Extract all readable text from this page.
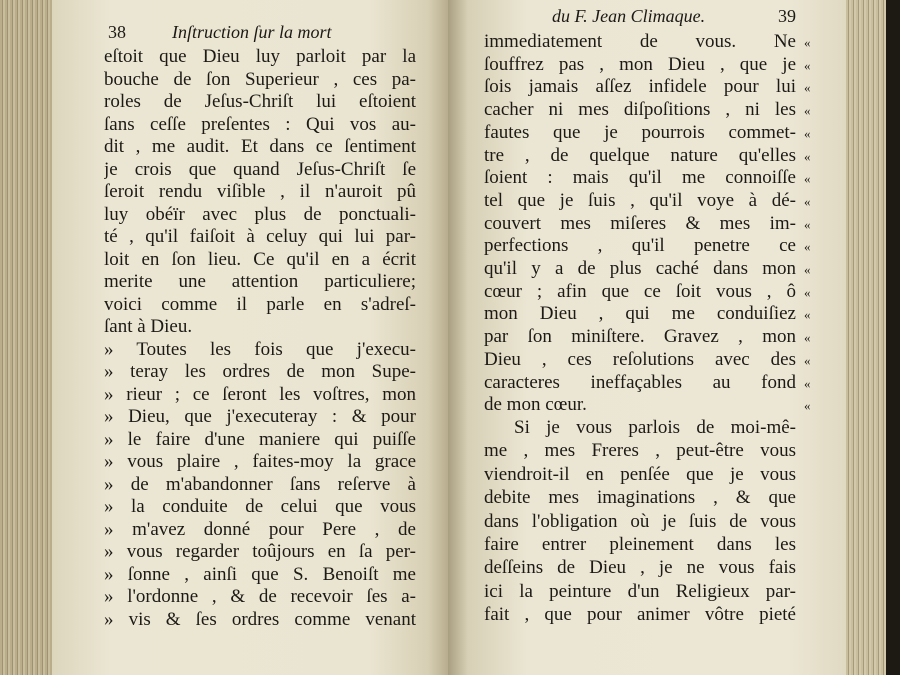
38	Inſtruction ſur la mort
eſtoit que Dieu luy parloit par la
bouche de ſon Superieur , ces pa-
roles de Jeſus-Chriſt lui eſtoient
ſans ceſſe preſentes : Qui vos au-
dit , me audit. Et dans ce ſentiment
je crois que quand Jeſus-Chriſt ſe
ſeroit rendu viſible , il n'auroit pû
luy obéïr avec plus de ponctuali-
té , qu'il faiſoit à celuy qui lui par-
loit en ſon lieu. Ce qu'il en a écrit
merite une attention particuliere;
voici comme il parle en s'adreſ-
ſant à Dieu.
» Toutes les fois que j'execu-
» teray les ordres de mon Supe-
» rieur ; ce ſeront les voſtres, mon
» Dieu, que j'executeray : & pour
» le faire d'une maniere qui puiſſe
» vous plaire , faites-moy la grace
» de m'abandonner ſans reſerve à
» la conduite de celui que vous
» m'avez donné pour Pere , de
» vous regarder toûjours en ſa per-
» ſonne , ainſi que S. Benoiſt me
» l'ordonne , & de recevoir ſes a-
» vis & ſes ordres comme venant
du F. Jean Climaque.	39
immediatement de vous. Ne «
ſouffrez pas , mon Dieu , que je «
ſois jamais aſſez infidele pour lui «
cacher ni mes diſpoſitions , ni les «
fautes que je pourrois commet- «
tre , de quelque nature qu'elles «
ſoient : mais qu'il me connoiſſe «
tel que je ſuis , qu'il voye à dé- «
couvert mes miſeres & mes im- «
perfections , qu'il penetre ce «
qu'il y a de plus caché dans mon «
cœur ; afin que ce ſoit vous , ô «
mon Dieu , qui me conduiſiez «
par ſon miniſtere. Gravez , mon «
Dieu , ces reſolutions avec des «
caracteres ineffaçables au fond «
de mon cœur.	«
Si je vous parlois de moi-mê-
me , mes Freres , peut-être vous
viendroit-il en penſée que je vous
debite mes imaginations , & que
dans l'obligation où je ſuis de vous
faire entrer pleinement dans les
deſſeins de Dieu , je ne vous fais
ici la peinture d'un Religieux par-
fait , que pour animer vôtre pieté
